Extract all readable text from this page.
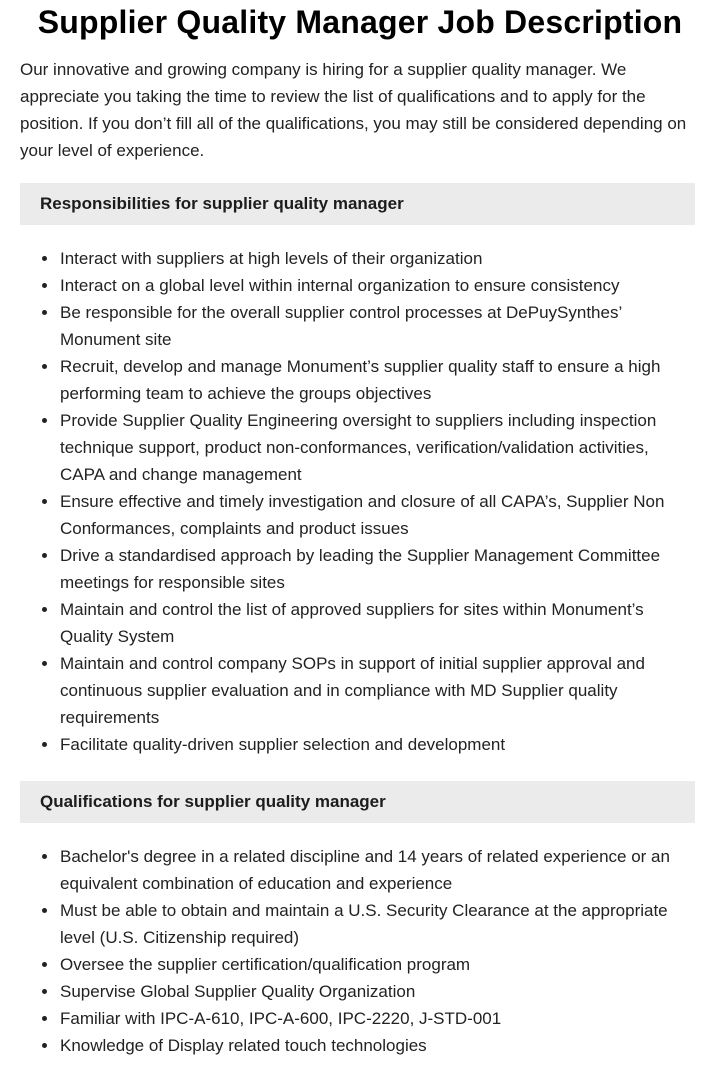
Supplier Quality Manager Job Description

Our innovative and growing company is hiring for a supplier quality manager. We appreciate you taking the time to review the list of qualifications and to apply for the position. If you don’t fill all of the qualifications, you may still be considered depending on your level of experience.

Responsibilities for supplier quality manager
Interact with suppliers at high levels of their organization
Interact on a global level within internal organization to ensure consistency
Be responsible for the overall supplier control processes at DePuySynthes’ Monument site
Recruit, develop and manage Monument’s supplier quality staff to ensure a high performing team to achieve the groups objectives
Provide Supplier Quality Engineering oversight to suppliers including inspection technique support, product non-conformances, verification/validation activities, CAPA and change management
Ensure effective and timely investigation and closure of all CAPA’s, Supplier Non Conformances, complaints and product issues
Drive a standardised approach by leading the Supplier Management Committee meetings for responsible sites
Maintain and control the list of approved suppliers for sites within Monument’s Quality System
Maintain and control company SOPs in support of initial supplier approval and continuous supplier evaluation and in compliance with MD Supplier quality requirements
Facilitate quality-driven supplier selection and development
Qualifications for supplier quality manager
Bachelor's degree in a related discipline and 14 years of related experience or an equivalent combination of education and experience
Must be able to obtain and maintain a U.S. Security Clearance at the appropriate level (U.S. Citizenship required)
Oversee the supplier certification/qualification program
Supervise Global Supplier Quality Organization
Familiar with IPC-A-610, IPC-A-600, IPC-2220, J-STD-001
Knowledge of Display related touch technologies
